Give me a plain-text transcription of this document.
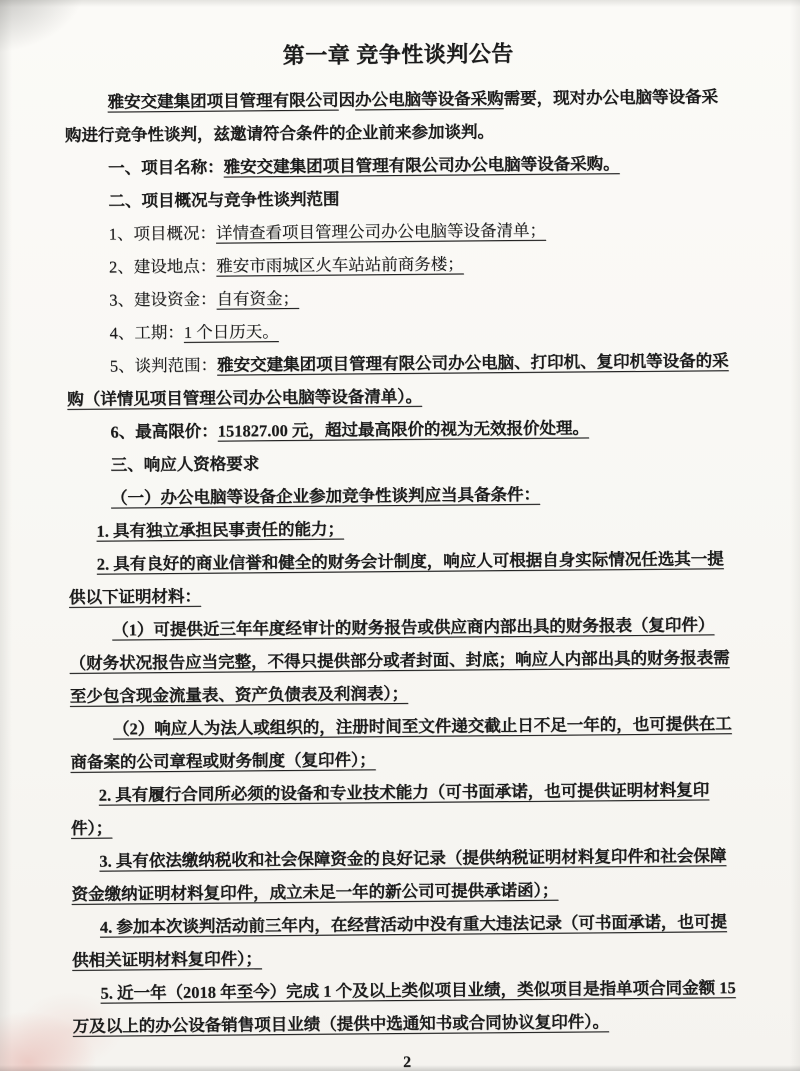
第一章 竞争性谈判公告

雅安交建集团项目管理有限公司因办公电脑等设备采购需要，现对办公电脑等设备采购进行竞争性谈判，兹邀请符合条件的企业前来参加谈判。

一、项目名称：雅安交建集团项目管理有限公司办公电脑等设备采购。

二、项目概况与竞争性谈判范围

1、项目概况：详情查看项目管理公司办公电脑等设备清单；

2、建设地点：雅安市雨城区火车站站前商务楼；

3、建设资金：自有资金；

4、工期：1 个日历天。

5、谈判范围：雅安交建集团项目管理有限公司办公电脑、打印机、复印机等设备的采购（详情见项目管理公司办公电脑等设备清单）。

6、最高限价：151827.00 元，超过最高限价的视为无效报价处理。

三、响应人资格要求

（一）办公电脑等设备企业参加竞争性谈判应当具备条件：

1. 具有独立承担民事责任的能力；

2. 具有良好的商业信誉和健全的财务会计制度，响应人可根据自身实际情况任选其一提供以下证明材料：

（1）可提供近三年年度经审计的财务报告或供应商内部出具的财务报表（复印件）（财务状况报告应当完整，不得只提供部分或者封面、封底；响应人内部出具的财务报表需至少包含现金流量表、资产负债表及利润表）；

（2）响应人为法人或组织的，注册时间至文件递交截止日不足一年的，也可提供在工商备案的公司章程或财务制度（复印件）；

2. 具有履行合同所必须的设备和专业技术能力（可书面承诺，也可提供证明材料复印件）；

3. 具有依法缴纳税收和社会保障资金的良好记录（提供纳税证明材料复印件和社会保障资金缴纳证明材料复印件，成立未足一年的新公司可提供承诺函）；

4. 参加本次谈判活动前三年内，在经营活动中没有重大违法记录（可书面承诺，也可提供相关证明材料复印件）；

5. 近一年（2018 年至今）完成 1 个及以上类似项目业绩，类似项目是指单项合同金额 15 万及以上的办公设备销售项目业绩（提供中选通知书或合同协议复印件）。

2
